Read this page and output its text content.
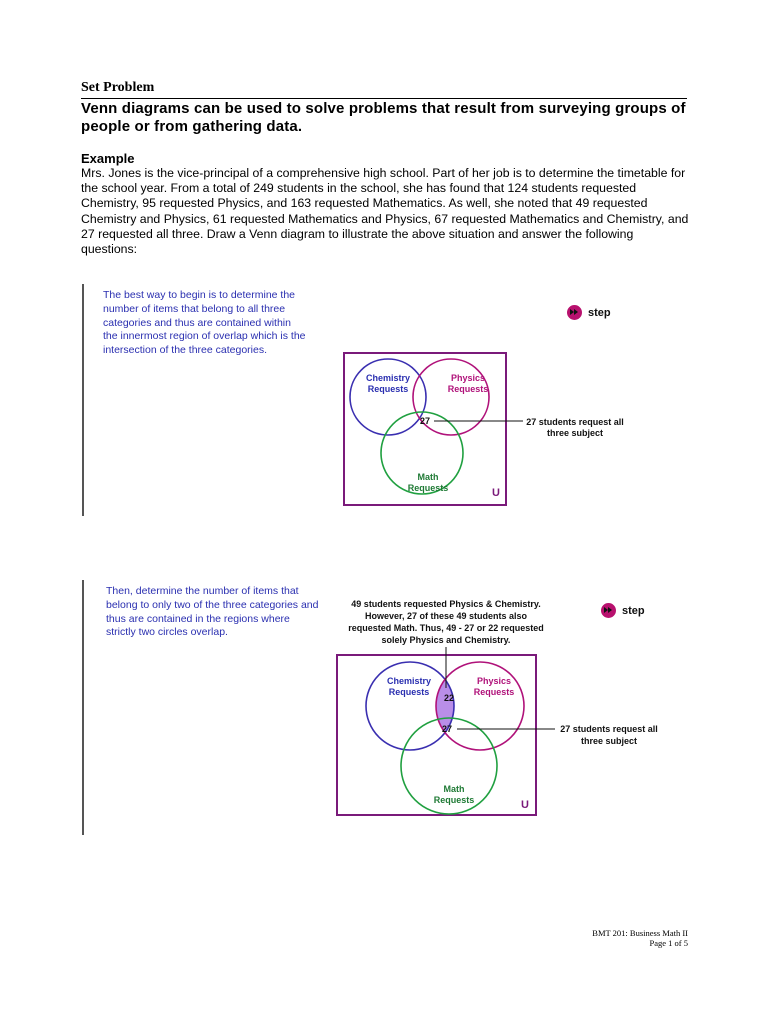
Set Problem
Venn diagrams can be used to solve problems that result from surveying groups of people or from gathering data.
Example
Mrs. Jones is the vice-principal of a comprehensive high school. Part of her job is to determine the timetable for the school year. From a total of 249 students in the school, she has found that 124 students requested Chemistry, 95 requested Physics, and 163 requested Mathematics. As well, she noted that 49 requested Chemistry and Physics, 61 requested Mathematics and Physics, 67 requested Mathematics and Chemistry, and 27 requested all three. Draw a Venn diagram to illustrate the above situation and answer the following questions:
The best way to begin is to determine the number of items that belong to all three categories and thus are contained within the innermost region of overlap which is the intersection of the three categories.
step
Chemistry
Requests
Physics
Requests
Math
Requests
27	27 students request all
three subject
U
Then, determine the number of items that belong to only two of the three categories and thus are contained in the regions where strictly two circles overlap.
step
49 students requested Physics & Chemistry.
However, 27 of these 49 students also
requested Math. Thus, 49 - 27 or 22 requested
solely Physics and Chemistry.
Chemistry
Requests
Physics
Requests
Math
Requests
22
27	27 students request all
three subject
U
BMT 201: Business Math II
Page 1 of 5
